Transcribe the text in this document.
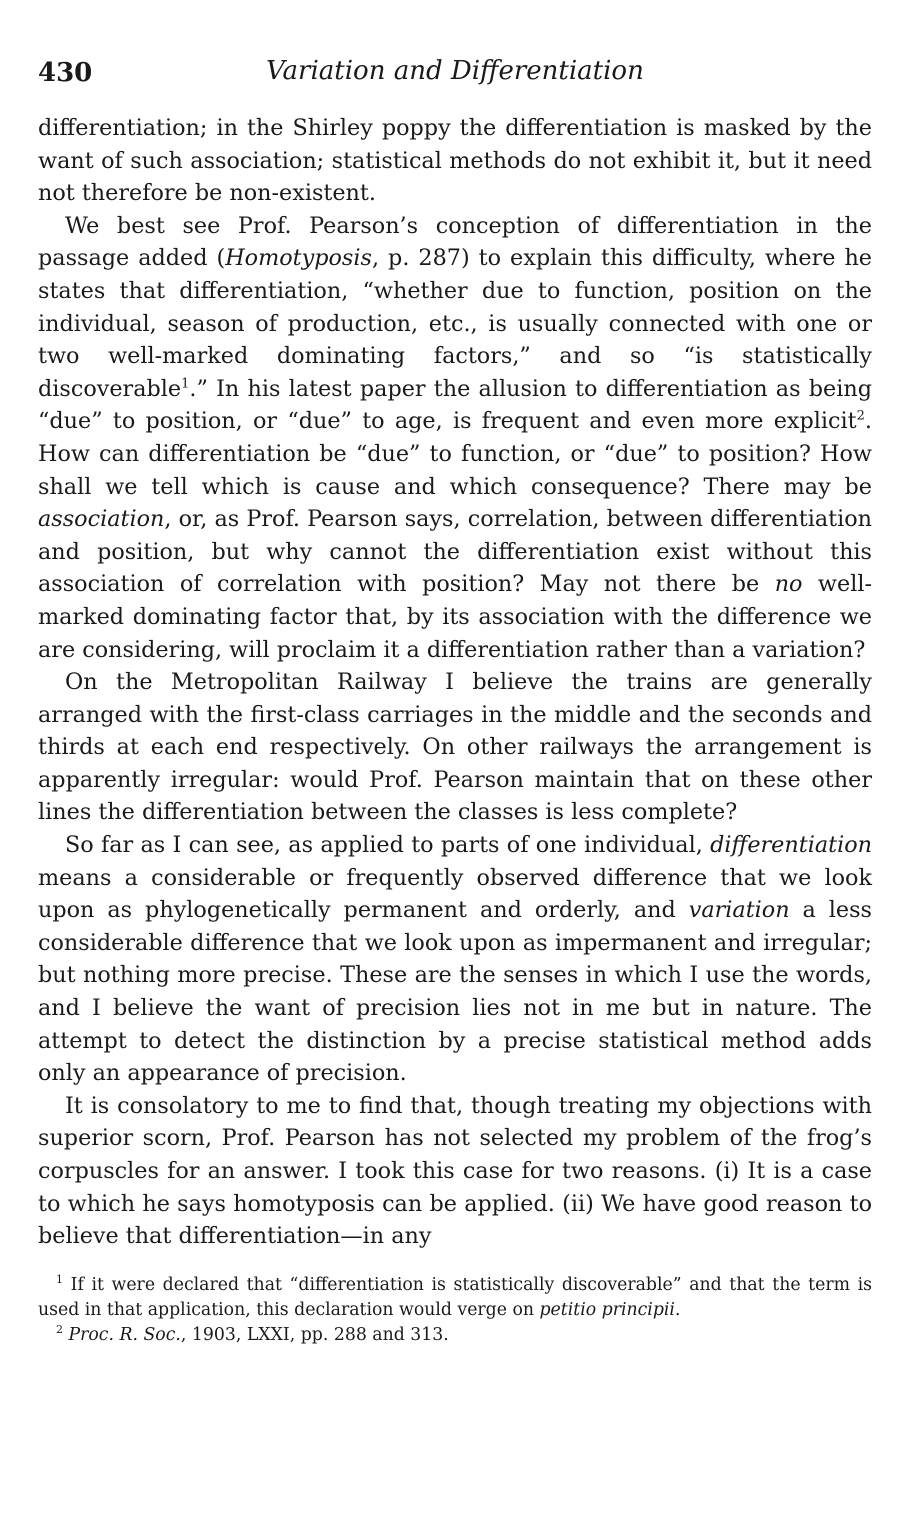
430	Variation and Differentiation

differentiation; in the Shirley poppy the differentiation is masked by the want of such association; statistical methods do not exhibit it, but it need not therefore be non-existent.

We best see Prof. Pearson’s conception of differentiation in the passage added (Homotyposis, p. 287) to explain this difficulty, where he states that differentiation, “whether due to function, position on the individual, season of production, etc., is usually connected with one or two well-marked dominating factors,” and so “is statistically discoverable$^1$.” In his latest paper the allusion to differentiation as being “due” to position, or “due” to age, is frequent and even more explicit$^2$. How can differentiation be “due” to function, or “due” to position? How shall we tell which is cause and which consequence? There may be association, or, as Prof. Pearson says, correlation, between differentiation and position, but why cannot the differentiation exist without this association of correlation with position? May not there be no well-marked dominating factor that, by its association with the difference we are considering, will proclaim it a differentiation rather than a variation?

On the Metropolitan Railway I believe the trains are generally arranged with the first-class carriages in the middle and the seconds and thirds at each end respectively. On other railways the arrangement is apparently irregular: would Prof. Pearson maintain that on these other lines the differentiation between the classes is less complete?

So far as I can see, as applied to parts of one individual, differentiation means a considerable or frequently observed difference that we look upon as phylogenetically permanent and orderly, and variation a less considerable difference that we look upon as impermanent and irregular; but nothing more precise. These are the senses in which I use the words, and I believe the want of precision lies not in me but in nature. The attempt to detect the distinction by a precise statistical method adds only an appearance of precision.

It is consolatory to me to find that, though treating my objections with superior scorn, Prof. Pearson has not selected my problem of the frog’s corpuscles for an answer. I took this case for two reasons. (i) It is a case to which he says homotyposis can be applied. (ii) We have good reason to believe that differentiation—in any

$^1$ If it were declared that “differentiation is statistically discoverable” and that the term is used in that application, this declaration would verge on petitio principii.

$^2$ Proc. R. Soc., 1903, LXXI, pp. 288 and 313.
